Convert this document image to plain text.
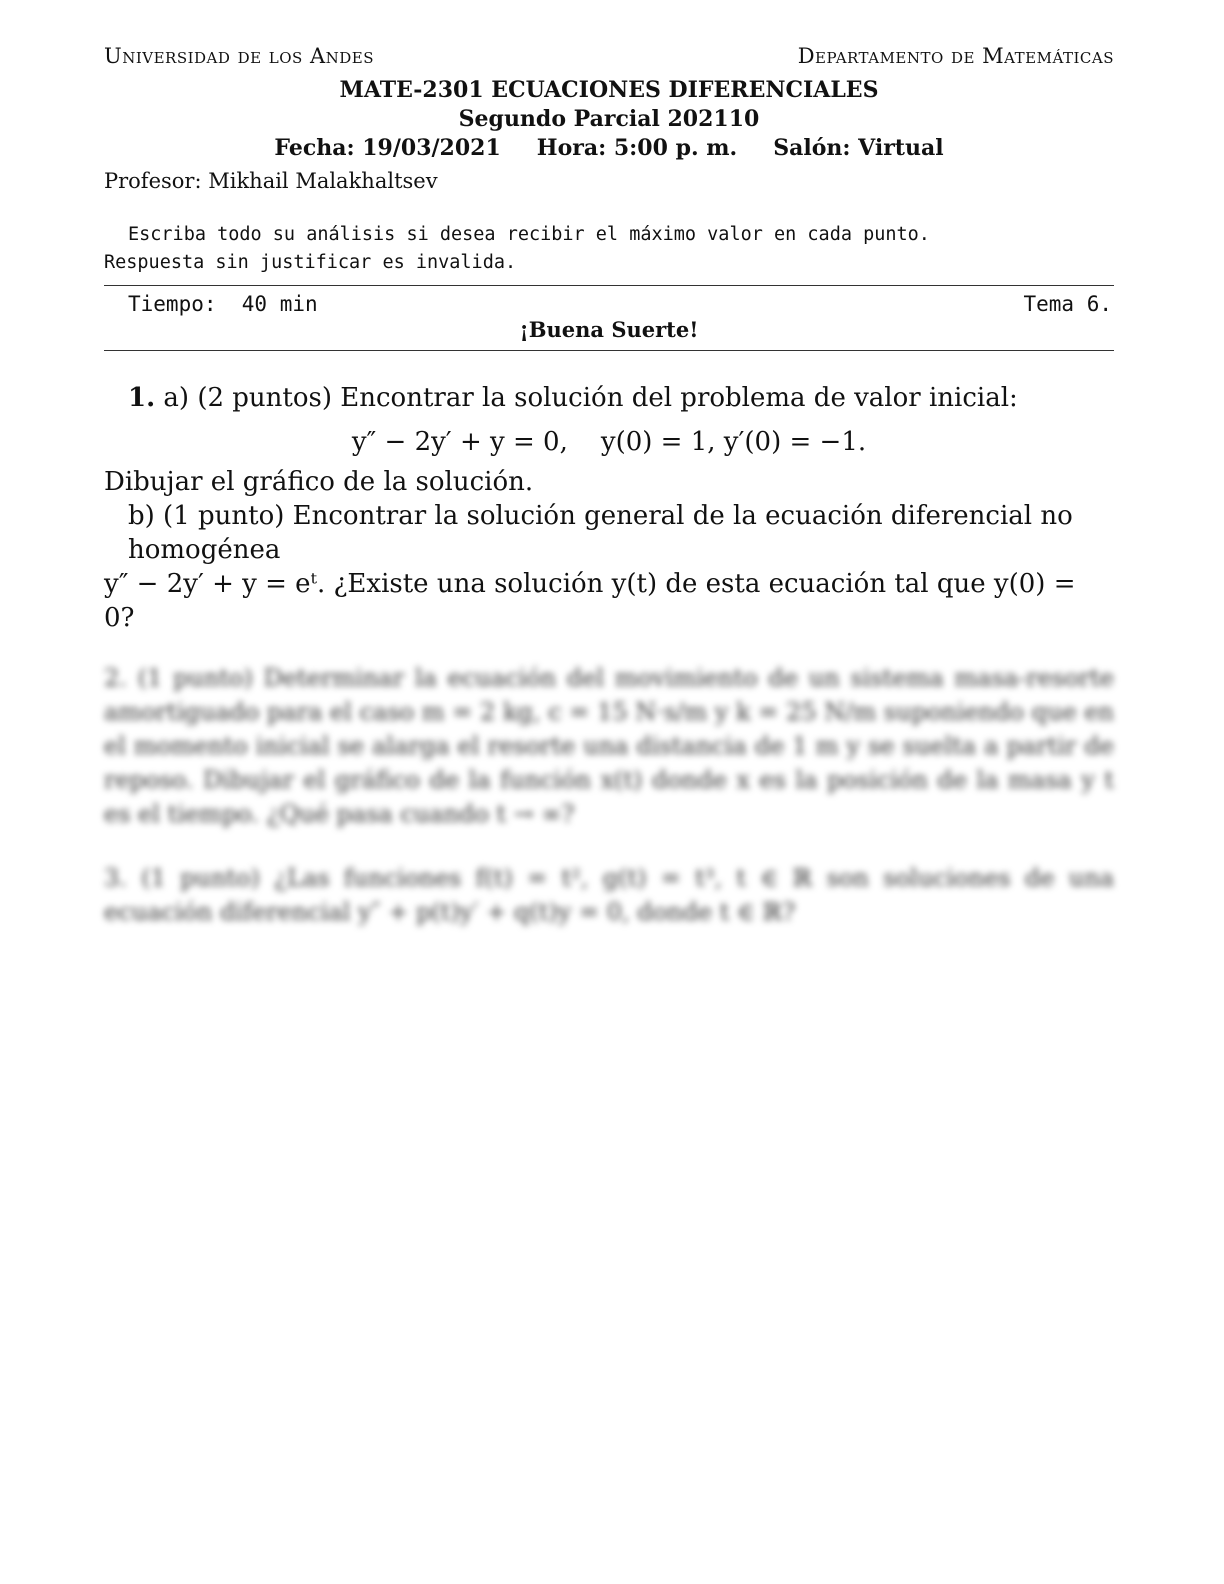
Universidad de los Andes	Departamento de Matemáticas
MATE-2301 ECUACIONES DIFERENCIALES
Segundo Parcial 202110
Fecha: 19/03/2021 Hora: 5:00 p. m. Salón: Virtual
Profesor: Mikhail Malakhaltsev
Escriba todo su análisis si desea recibir el máximo valor en cada punto.
Respuesta sin justificar es invalida.
Tiempo:  40 min	Tema 6.
¡Buena Suerte!
1. a) (2 puntos) Encontrar la solución del problema de valor inicial:
y″ − 2y′ + y = 0,    y(0) = 1, y′(0) = −1.
Dibujar el gráfico de la solución.
b) (1 punto) Encontrar la solución general de la ecuación diferencial no homogénea
y″ − 2y′ + y = eᵗ. ¿Existe una solución y(t) de esta ecuación tal que y(0) = 0?
2. (1 punto) Determinar la ecuación del movimiento de un sistema masa-resorte amortiguado para el caso m = 2 kg, c = 15 N·s/m y k = 25 N/m suponiendo que en el momento inicial se alarga el resorte una distancia de 1 m y se suelta a partir de reposo. Dibujar el gráfico de la función x(t) donde x es la posición de la masa y t es el tiempo. ¿Qué pasa cuando t → ∞?
3. (1 punto) ¿Las funciones f(t) = t², g(t) = t³, t ∈ ℝ son soluciones de una ecuación diferencial y″ + p(t)y′ + q(t)y = 0, donde t ∈ ℝ?
